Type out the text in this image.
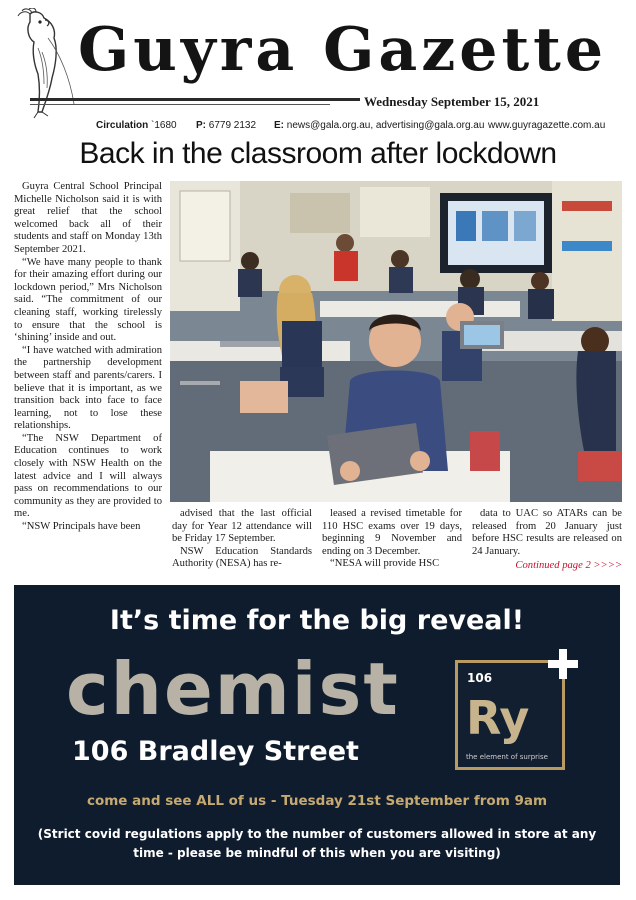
Guyra Gazette
Wednesday September 15, 2021
Circulation `1680	P: 6779 2132	E: news@gala.org.au, advertising@gala.org.au www.guyragazette.com.au
Back in the classroom after lockdown

Guyra Central School Principal Michelle Nicholson said it is with great relief that the school welcomed back all of their students and staff on Monday 13th September 2021.

“We have many people to thank for their amazing effort during our lockdown period,” Mrs Nicholson said. “The commitment of our cleaning staff, working tirelessly to ensure that the school is ‘shining’ inside and out.

“I have watched with admiration the partnership development between staff and parents/carers. I believe that it is important, as we transition back into face to face learning, not to lose these relationships.

“The NSW Department of Education continues to work closely with NSW Health on the latest advice and I will always pass on recommendations to our community as they are provided to me.

“NSW Principals have been

advised that the last official day for Year 12 attendance will be Friday 17 September.

NSW Education Standards Authority (NESA) has re-

leased a revised timetable for 110 HSC exams over 19 days, beginning 9 November and ending on 3 December.

“NESA will provide HSC

data to UAC so ATARs can be released from 20 January just before HSC results are released on 24 January.

Continued page 2 >>>>
It’s time for the big reveal!
chemist
106 Bradley Street
106
Ry
the element of surprise
come and see ALL of us - Tuesday 21st September from 9am
(Strict covid regulations apply to the number of customers allowed in store at any time - please be mindful of this when you are visiting)
